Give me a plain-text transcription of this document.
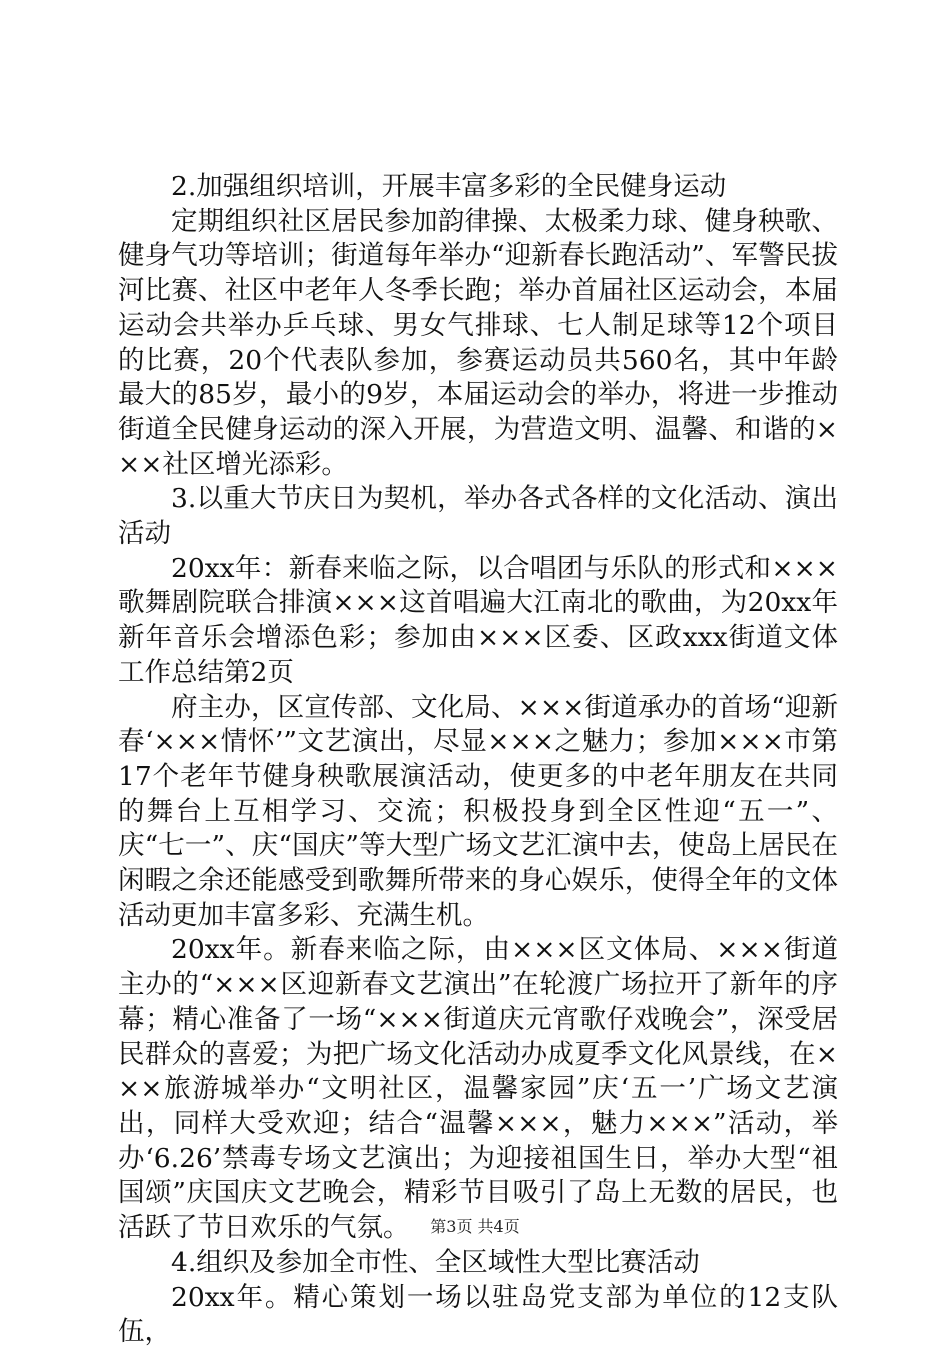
2.加强组织培训，开展丰富多彩的全民健身运动

定期组织社区居民参加韵律操、太极柔力球、健身秧歌、健身气功等培训；街道每年举办“迎新春长跑活动”、军警民拔河比赛、社区中老年人冬季长跑；举办首届社区运动会，本届运动会共举办乒乓球、男女气排球、七人制足球等12个项目的比赛，20个代表队参加，参赛运动员共560名，其中年龄最大的85岁，最小的9岁，本届运动会的举办，将进一步推动街道全民健身运动的深入开展，为营造文明、温馨、和谐的×××社区增光添彩。

3.以重大节庆日为契机，举办各式各样的文化活动、演出活动

20xx年：新春来临之际，以合唱团与乐队的形式和×××歌舞剧院联合排演×××这首唱遍大江南北的歌曲，为20xx年新年音乐会增添色彩；参加由×××区委、区政xxx街道文体工作总结第2页

府主办，区宣传部、文化局、×××街道承办的首场“迎新春‘×××情怀’”文艺演出，尽显×××之魅力；参加×××市第17个老年节健身秧歌展演活动，使更多的中老年朋友在共同的舞台上互相学习、交流；积极投身到全区性迎“五一”、庆“七一”、庆“国庆”等大型广场文艺汇演中去，使岛上居民在闲暇之余还能感受到歌舞所带来的身心娱乐，使得全年的文体活动更加丰富多彩、充满生机。

20xx年。新春来临之际，由×××区文体局、×××街道主办的“×××区迎新春文艺演出”在轮渡广场拉开了新年的序幕；精心准备了一场“×××街道庆元宵歌仔戏晚会”，深受居民群众的喜爱；为把广场文化活动办成夏季文化风景线，在×××旅游城举办“文明社区，温馨家园”庆‘五一’广场文艺演出，同样大受欢迎；结合“温馨×××，魅力×××”活动，举办‘6.26’禁毒专场文艺演出；为迎接祖国生日，举办大型“祖国颂”庆国庆文艺晚会，精彩节目吸引了岛上无数的居民，也活跃了节日欢乐的气氛。

4.组织及参加全市性、全区域性大型比赛活动

20xx年。精心策划一场以驻岛党支部为单位的12支队伍，

第3页 共4页
